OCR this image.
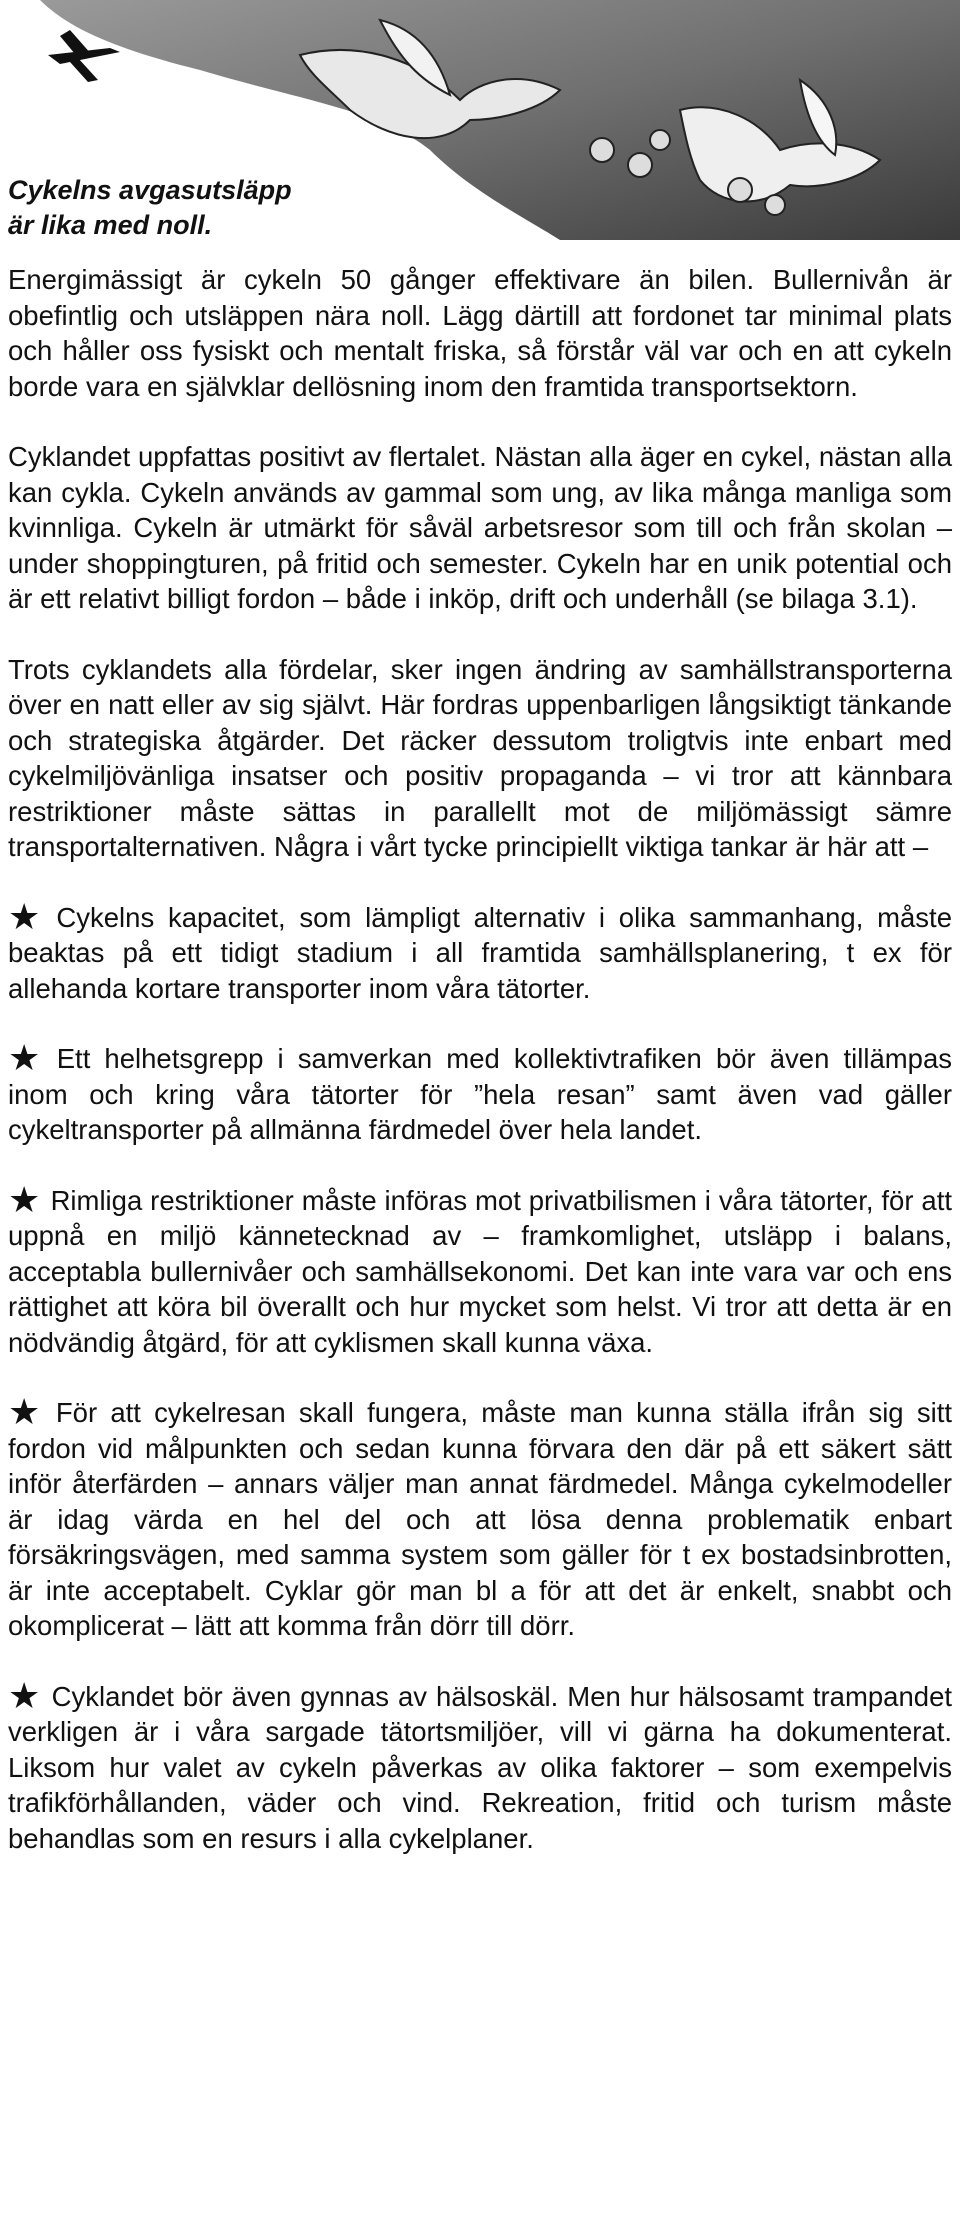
Cykelns avgasutsläpp
är lika med noll.

Energimässigt är cykeln 50 gånger effektivare än bilen. Bullernivån är obefintlig och utsläppen nära noll. Lägg därtill att fordonet tar minimal plats och håller oss fysiskt och mentalt friska, så förstår väl var och en att cykeln borde vara en självklar dellösning inom den framtida transportsektorn.

Cyklandet uppfattas positivt av flertalet. Nästan alla äger en cykel, nästan alla kan cykla. Cykeln används av gammal som ung, av lika många manliga som kvinnliga. Cykeln är utmärkt för såväl arbetsresor som till och från skolan – under shoppingturen, på fritid och semester. Cykeln har en unik potential och är ett relativt billigt fordon – både i inköp, drift och underhåll (se bilaga 3.1).

Trots cyklandets alla fördelar, sker ingen ändring av samhällstransporterna över en natt eller av sig självt. Här fordras uppenbarligen långsiktigt tänkande och strategiska åtgärder. Det räcker dessutom troligtvis inte enbart med cykelmiljövänliga insatser och positiv propaganda – vi tror att kännbara restriktioner måste sättas in parallellt mot de miljömässigt sämre transportalternativen. Några i vårt tycke principiellt viktiga tankar är här att –

★ Cykelns kapacitet, som lämpligt alternativ i olika sammanhang, måste beaktas på ett tidigt stadium i all framtida samhällsplanering, t ex för allehanda kortare transporter inom våra tätorter.

★ Ett helhetsgrepp i samverkan med kollektivtrafiken bör även tillämpas inom och kring våra tätorter för ”hela resan” samt även vad gäller cykeltransporter på allmänna färdmedel över hela landet.

★ Rimliga restriktioner måste införas mot privatbilismen i våra tätorter, för att uppnå en miljö kännetecknad av – framkomlighet, utsläpp i balans, acceptabla bullernivåer och samhällsekonomi. Det kan inte vara var och ens rättighet att köra bil överallt och hur mycket som helst. Vi tror att detta är en nödvändig åtgärd, för att cyklismen skall kunna växa.

★ För att cykelresan skall fungera, måste man kunna ställa ifrån sig sitt fordon vid målpunkten och sedan kunna förvara den där på ett säkert sätt inför återfärden – annars väljer man annat färdmedel. Många cykelmodeller är idag värda en hel del och att lösa denna problematik enbart försäkringsvägen, med samma system som gäller för t ex bostadsinbrotten, är inte acceptabelt. Cyklar gör man bl a för att det är enkelt, snabbt och okomplicerat – lätt att komma från dörr till dörr.

★ Cyklandet bör även gynnas av hälsoskäl. Men hur hälsosamt trampandet verkligen är i våra sargade tätortsmiljöer, vill vi gärna ha dokumenterat. Liksom hur valet av cykeln påverkas av olika faktorer – som exempelvis trafikförhållanden, väder och vind. Rekreation, fritid och turism måste behandlas som en resurs i alla cykelplaner.
